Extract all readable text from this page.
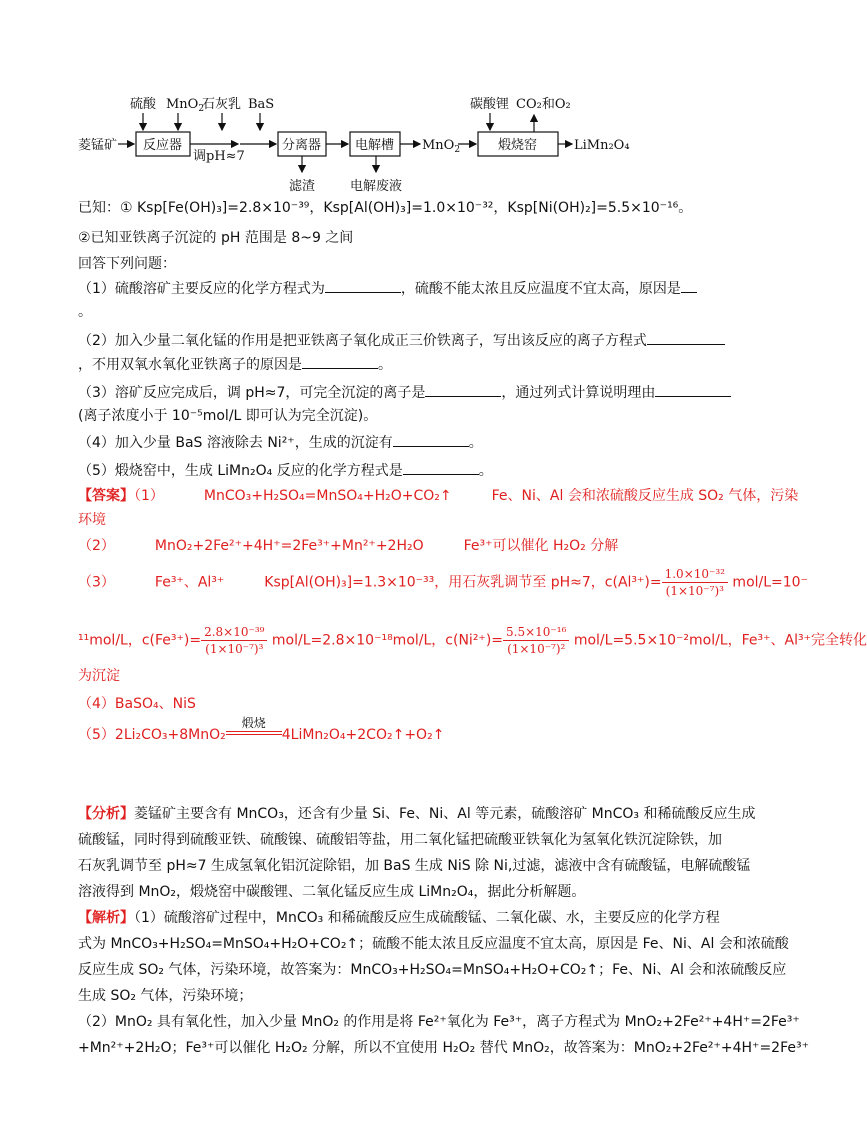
菱锰矿 反应器
硫酸 MnO$_2$
石灰乳 BaS
调pH≈7
分离器
滤渣
电解槽
电解废液
MnO$_2$
碳酸锂 CO₂和O₂
煅烧窑	LiMn₂O₄
已知：① Ksp[Fe(OH)₃]=2.8×10⁻³⁹，Ksp[Al(OH)₃]=1.0×10⁻³²，Ksp[Ni(OH)₂]=5.5×10⁻¹⁶。
②已知亚铁离子沉淀的 pH 范围是 8~9 之间
回答下列问题：
（1）硫酸溶矿主要反应的化学方程式为	，硫酸不能太浓且反应温度不宜太高，原因是
。
（2）加入少量二氧化锰的作用是把亚铁离子氧化成正三价铁离子，写出该反应的离子方程式
，不用双氧水氧化亚铁离子的原因是	。
（3）溶矿反应完成后，调 pH≈7，可完全沉淀的离子是	，通过列式计算说明理由
(离子浓度小于 10⁻⁵mol/L 即可认为完全沉淀)。
（4）加入少量 BaS 溶液除去 Ni²⁺，生成的沉淀有	。
（5）煅烧窑中，生成 LiMn₂O₄ 反应的化学方程式是	。
【答案】（1）	MnCO₃+H₂SO₄=MnSO₄+H₂O+CO₂↑	Fe、Ni、Al 会和浓硫酸反应生成 SO₂ 气体，污染
环境
（2）	MnO₂+2Fe²⁺+4H⁺=2Fe³⁺+Mn²⁺+2H₂O	Fe³⁺可以催化 H₂O₂ 分解
（3）	Fe³⁺、Al³⁺	Ksp[Al(OH)₃]=1.3×10⁻³³，用石灰乳调节至 pH≈7，$c(Al^{3+})= \frac{\text{1.0×10⁻³²}}{\text{(1×10⁻⁷)³}} mol/L=10^-$
¹¹mol/L，$c(Fe^{3+})= \frac{\text{2.8×10⁻³⁹}}{\text{(1×10⁻⁷)³}} mol/L=2.8\times 10^{-18}mol/L$，$c(Ni^{2+})= \frac{\text{5.5×10⁻¹⁶}}{\text{(1×10⁻⁷)²}} mol/L=5.5\times 10^{-2}mol/L$，Fe³⁺、Al³⁺完全转化
为沉淀
（4）BaSO₄、NiS
（5）2Li₂CO₃+8MnO₂
煅烧
4LiMn₂O₄+2CO₂↑+O₂↑
【分析】菱锰矿主要含有 MnCO₃，还含有少量 Si、Fe、Ni、Al 等元素，硫酸溶矿 MnCO₃ 和稀硫酸反应生成
硫酸锰，同时得到硫酸亚铁、硫酸镍、硫酸铝等盐，用二氧化锰把硫酸亚铁氧化为氢氧化铁沉淀除铁，加
石灰乳调节至 pH≈7 生成氢氧化铝沉淀除铝，加 BaS 生成 NiS 除 Ni,过滤，滤液中含有硫酸锰，电解硫酸锰
溶液得到 MnO₂，煅烧窑中碳酸锂、二氧化锰反应生成 LiMn₂O₄，据此分析解题。
【解析】（1）硫酸溶矿过程中，MnCO₃ 和稀硫酸反应生成硫酸锰、二氧化碳、水，主要反应的化学方程
式为 MnCO₃+H₂SO₄=MnSO₄+H₂O+CO₂↑；硫酸不能太浓且反应温度不宜太高，原因是 Fe、Ni、Al 会和浓硫酸
反应生成 SO₂ 气体，污染环境，故答案为：MnCO₃+H₂SO₄=MnSO₄+H₂O+CO₂↑；Fe、Ni、Al 会和浓硫酸反应
生成 SO₂ 气体，污染环境；
（2）MnO₂ 具有氧化性，加入少量 MnO₂ 的作用是将 Fe²⁺氧化为 Fe³⁺，离子方程式为 MnO₂+2Fe²⁺+4H⁺=2Fe³⁺
+Mn²⁺+2H₂O；Fe³⁺可以催化 H₂O₂ 分解，所以不宜使用 H₂O₂ 替代 MnO₂，故答案为：MnO₂+2Fe²⁺+4H⁺=2Fe³⁺
